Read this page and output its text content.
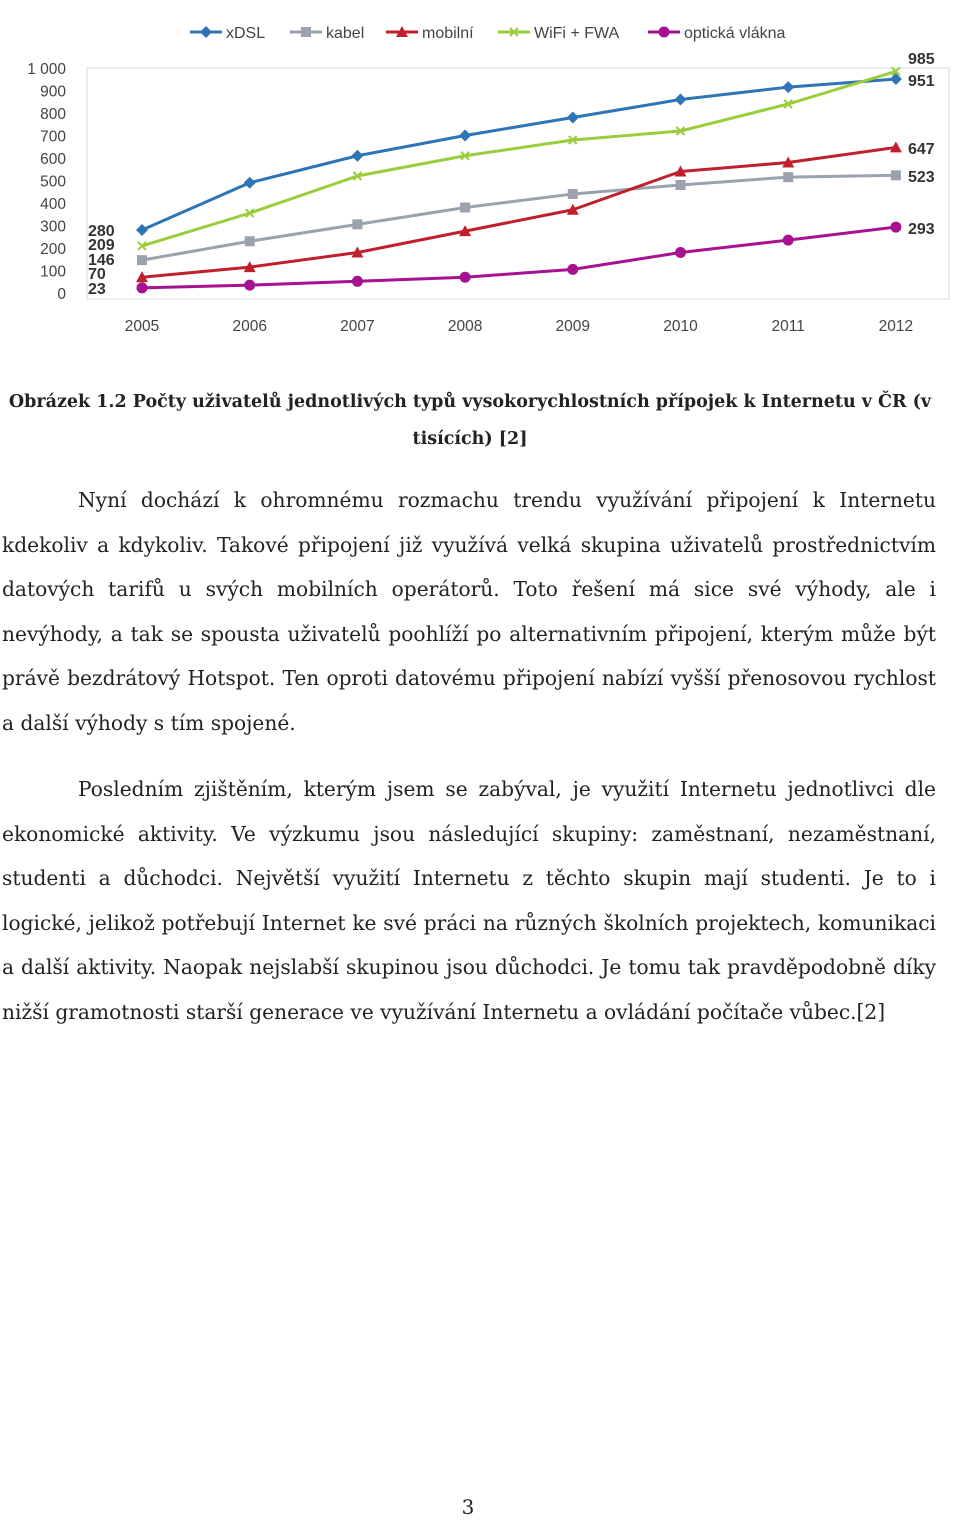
1 000
900
800
700
600
500
400
300
200
100
0
2005	2006	2007	2008	2009	2010	2011	2012
280
209
146
70
23
985
951
647
523
293
xDSL	kabel	mobilní	WiFi + FWA	optická vlákna
Obrázek 1.2 Počty uživatelů jednotlivých typů vysokorychlostních přípojek k Internetu v ČR (v tisících) [2]

Nyní dochází k ohromnému rozmachu trendu využívání připojení k Internetu kdekoliv a kdykoliv. Takové připojení již využívá velká skupina uživatelů prostřednictvím datových tarifů u svých mobilních operátorů. Toto řešení má sice své výhody, ale i nevýhody, a tak se spousta uživatelů poohlíží po alternativním připojení, kterým může být právě bezdrátový Hotspot. Ten oproti datovému připojení nabízí vyšší přenosovou rychlost a další výhody s tím spojené.

Posledním zjištěním, kterým jsem se zabýval, je využití Internetu jednotlivci dle ekonomické aktivity. Ve výzkumu jsou následující skupiny: zaměstnaní, nezaměstnaní, studenti a důchodci. Největší využití Internetu z těchto skupin mají studenti. Je to i logické, jelikož potřebují Internet ke své práci na různých školních projektech, komunikaci a další aktivity. Naopak nejslabší skupinou jsou důchodci. Je tomu tak pravděpodobně díky nižší gramotnosti starší generace ve využívání Internetu a ovládání počítače vůbec.[2]

3
